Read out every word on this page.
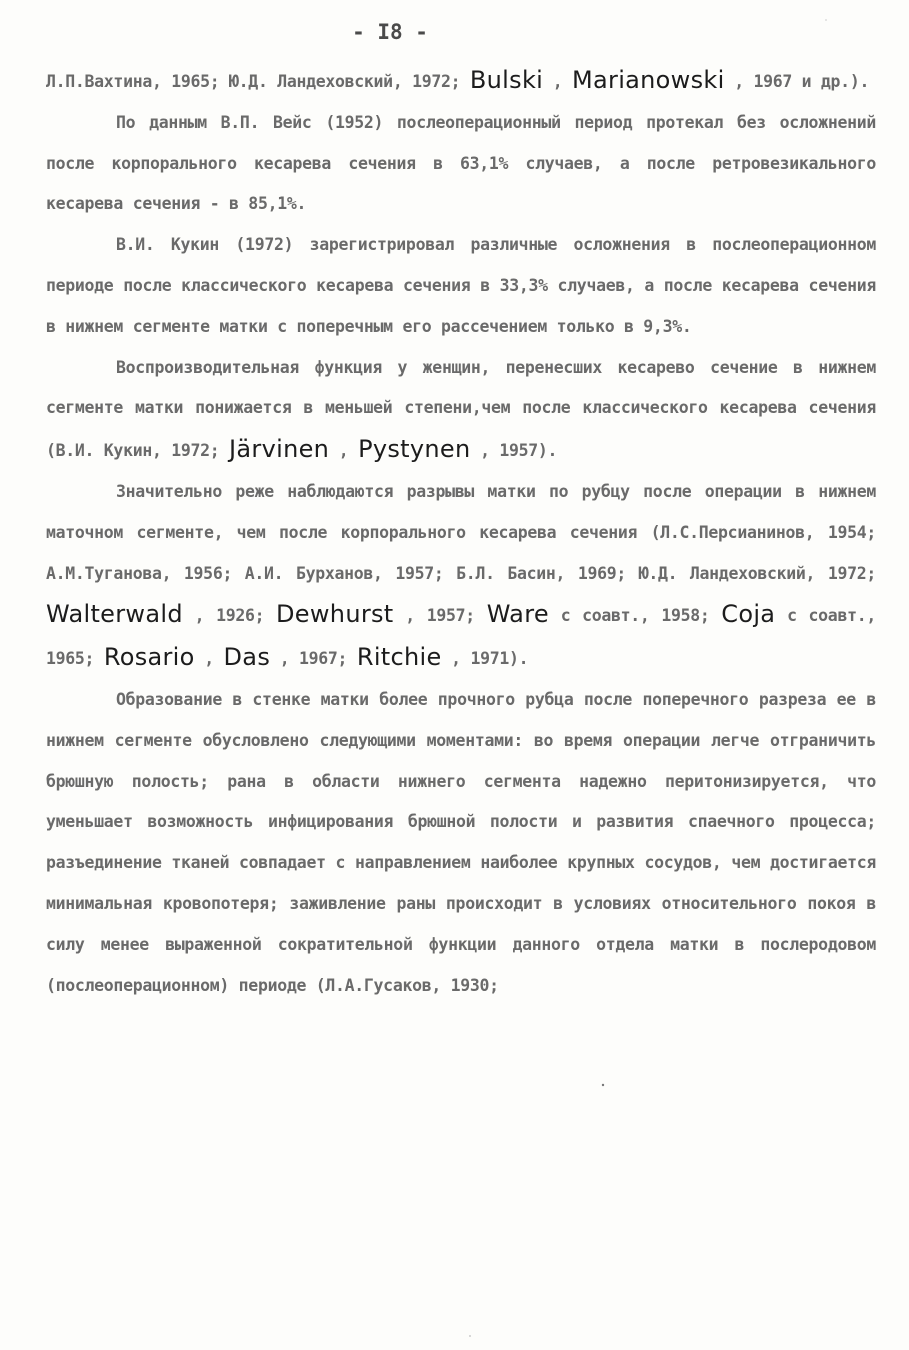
- I8 -

Л.П.Вахтина, 1965; Ю.Д. Ландеховский, 1972; Bulski , Marianowski , 1967 и др.).

По данным В.П. Вейс (1952) послеоперационный период протекал без осложнений после корпорального кесарева сечения в 63,1% случаев, а после ретровезикального кесарева сечения - в 85,1%.

В.И. Кукин (1972) зарегистрировал различные осложнения в послеоперационном периоде после классического кесарева сечения в 33,3% случаев, а после кесарева сечения в нижнем сегменте матки с поперечным его рассечением только в 9,3%.

Воспроизводительная функция у женщин, перенесших кесарево сечение в нижнем сегменте матки понижается в меньшей степени,чем после классического кесарева сечения (В.И. Кукин, 1972; Järvinen , Pystynen , 1957).

Значительно реже наблюдаются разрывы матки по рубцу после операции в нижнем маточном сегменте, чем после корпорального кесарева сечения (Л.С.Персианинов, 1954; А.М.Туганова, 1956; А.И. Бурханов, 1957; Б.Л. Басин, 1969; Ю.Д. Ландеховский, 1972; Walterwald , 1926; Dewhurst , 1957; Ware с соавт., 1958; Coja с соавт., 1965; Rosario , Das , 1967; Ritchie , 1971).

Образование в стенке матки более прочного рубца после поперечного разреза ее в нижнем сегменте обусловлено следующими моментами: во время операции легче отграничить брюшную полость; рана в области нижнего сегмента надежно перитонизируется, что уменьшает возможность инфицирования брюшной полости и развития спаечного процесса; разъединение тканей совпадает с направлением наиболее крупных сосудов, чем достигается минимальная кровопотеря; заживление раны происходит в условиях относительного покоя в силу менее выраженной сократительной функции данного отдела матки в послеродовом (послеоперационном) периоде (Л.А.Гусаков, 1930;
